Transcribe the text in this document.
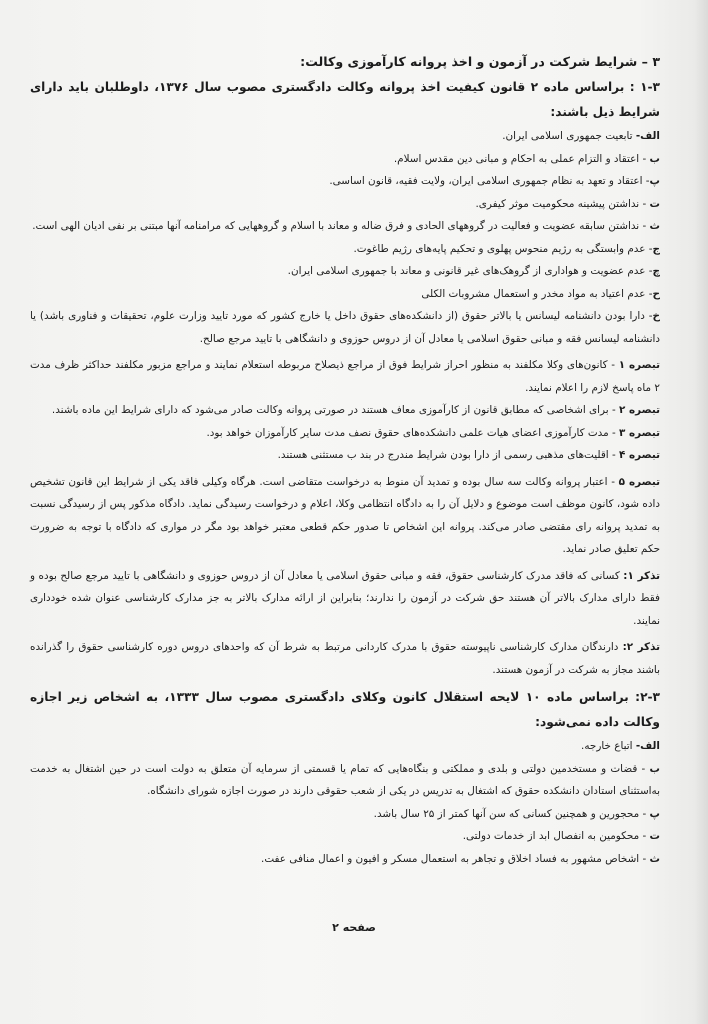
۳ – شرایط شرکت در آزمون و اخذ پروانه کارآموزی وکالت:

۱-۳ : براساس ماده ۲ قانون کیفیت اخذ پروانه وکالت دادگستری مصوب سال ۱۳۷۶، داوطلبان باید دارای شرایط ذیل باشند:

الف- تابعیت جمهوری اسلامی ایران.

ب - اعتقاد و التزام عملی به احکام و مبانی دین مقدس اسلام.

پ- اعتقاد و تعهد به نظام جمهوری اسلامی ایران، ولایت فقیه، قانون اساسی.

ت - نداشتن پیشینه محکومیت موثر کیفری.

ث - نداشتن سابقه عضویت و فعالیت در گروههای الحادی و فرق ضاله و معاند با اسلام و گروههایی که مرامنامه آنها مبتنی بر نفی ادیان الهی است.

ج- عدم وابستگی به رژیم منحوس پهلوی و تحکیم پایه‌های رژیم طاغوت.

چ- عدم عضویت و هواداری از گروهک‌های غیر قانونی و معاند با جمهوری اسلامی ایران.

ح- عدم اعتیاد به مواد مخدر و استعمال مشروبات الکلی

خ- دارا بودن دانشنامه لیسانس یا بالاتر حقوق (از دانشکده‌های حقوق داخل یا خارج کشور که مورد تایید وزارت علوم، تحقیقات و فناوری باشد) یا دانشنامه لیسانس فقه و مبانی حقوق اسلامی یا معادل آن از دروس حوزوی و دانشگاهی با تایید مرجع صالح.

تبصره ۱ - کانون‌های وکلا مکلفند به منظور احراز شرایط فوق از مراجع ذیصلاح مربوطه استعلام نمایند و مراجع مزبور مکلفند حداکثر ظرف مدت ۲ ماه پاسخ لازم را اعلام نمایند.

تبصره ۲ - برای اشخاصی که مطابق قانون از کارآموزی معاف هستند در صورتی پروانه وکالت صادر می‌شود که دارای شرایط این ماده باشند.

تبصره ۳ - مدت کارآموزی اعضای هیات علمی دانشکده‌های حقوق نصف مدت سایر کارآموزان خواهد بود.

تبصره ۴ - اقلیت‌های مذهبی رسمی از دارا بودن شرایط مندرج در بند ب مستثنی هستند.

تبصره ۵ - اعتبار پروانه وکالت سه سال بوده و تمدید آن منوط به درخواست متقاضی است. هرگاه وکیلی فاقد یکی از شرایط این قانون تشخیص داده شود، کانون موظف است موضوع و دلایل آن را به دادگاه انتظامی وکلا، اعلام و درخواست رسیدگی نماید. دادگاه مذکور پس از رسیدگی نسبت به تمدید پروانه رای مقتضی صادر می‌کند. پروانه این اشخاص تا صدور حکم قطعی معتبر خواهد بود مگر در مواری که دادگاه با توجه به ضرورت حکم تعلیق صادر نماید.

تذکر ۱: کسانی که فاقد مدرک کارشناسی حقوق، فقه و مبانی حقوق اسلامی یا معادل آن از دروس حوزوی و دانشگاهی با تایید مرجع صالح بوده و فقط دارای مدارک بالاتر آن هستند حق شرکت در آزمون را ندارند؛ بنابراین از ارائه مدارک بالاتر به جز مدارک کارشناسی عنوان شده خودداری نمایند.

تذکر ۲: دارندگان مدارک کارشناسی ناپیوسته حقوق با مدرک کاردانی مرتبط به شرط آن که واحدهای دروس دوره کارشناسی حقوق را گذرانده باشند مجاز به شرکت در آزمون هستند.

۲-۳: براساس ماده ۱۰ لایحه استقلال کانون وکلای دادگستری مصوب سال ۱۳۳۳، به اشخاص زیر اجازه وکالت داده نمی‌شود:

الف- اتباع خارجه.

ب - قضات و مستخدمین دولتی و بلدی و مملکتی و بنگاه‌هایی که تمام یا قسمتی از سرمایه آن متعلق به دولت است در حین اشتغال به خدمت به‌استثنای استادان دانشکده حقوق که اشتغال به تدریس در یکی از شعب حقوقی دارند در صورت اجازه شورای دانشگاه.

پ - محجورین و همچنین کسانی که سن آنها کمتر از ۲۵ سال باشد.

ت - محکومین به انفصال ابد از خدمات دولتی.

ث - اشخاص مشهور به فساد اخلاق و تجاهر به استعمال مسکر و افیون و اعمال منافی عفت.

صفحه ۲
